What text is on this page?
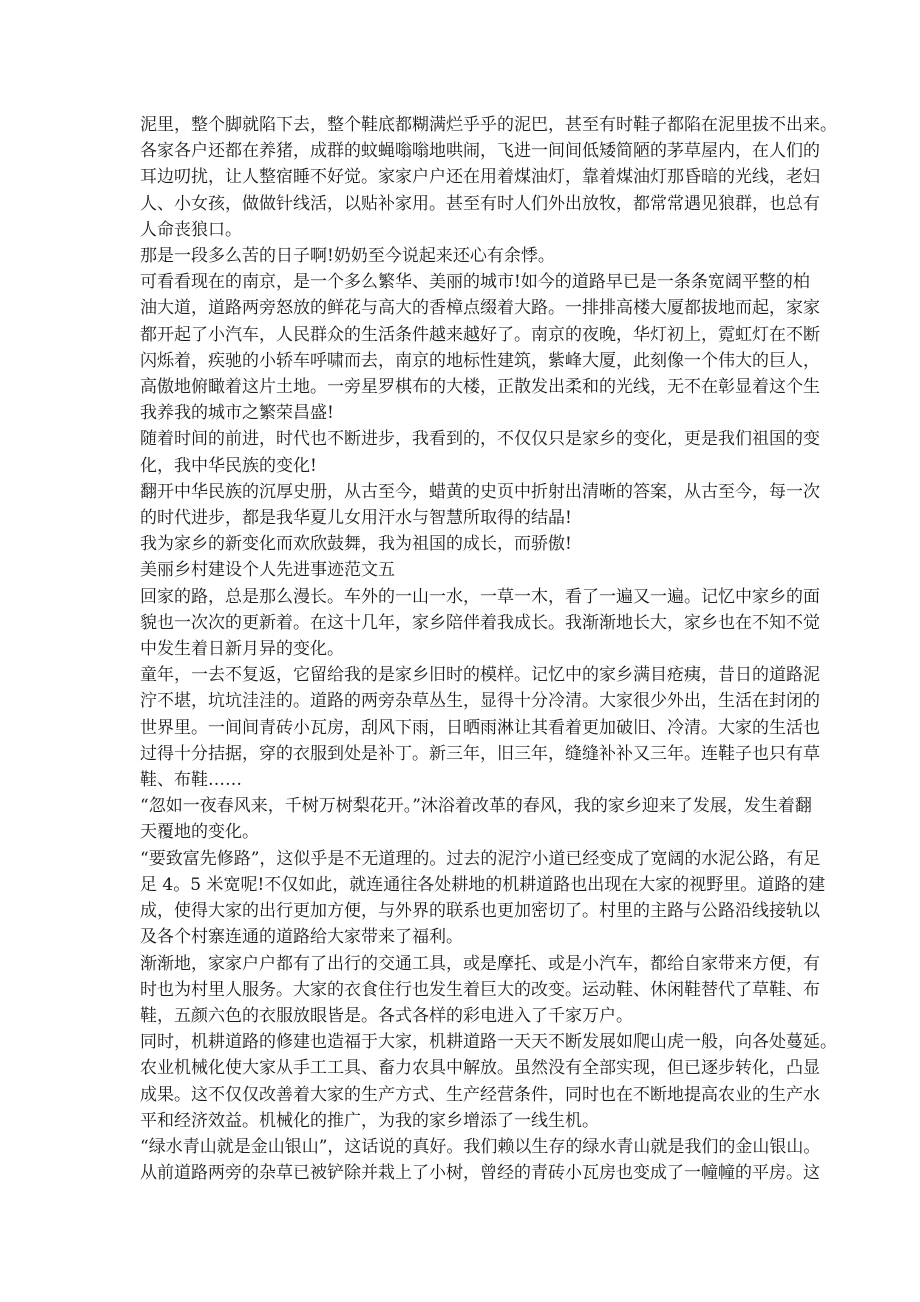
泥里，整个脚就陷下去，整个鞋底都糊满烂乎乎的泥巴，甚至有时鞋子都陷在泥里拔不出来。
各家各户还都在养猪，成群的蚊蝇嗡嗡地哄闹，飞进一间间低矮简陋的茅草屋内，在人们的
耳边叨扰，让人整宿睡不好觉。家家户户还在用着煤油灯，靠着煤油灯那昏暗的光线，老妇
人、小女孩，做做针线活，以贴补家用。甚至有时人们外出放牧，都常常遇见狼群，也总有
人命丧狼口。
那是一段多么苦的日子啊!奶奶至今说起来还心有余悸。
可看看现在的南京，是一个多么繁华、美丽的城市!如今的道路早已是一条条宽阔平整的柏
油大道，道路两旁怒放的鲜花与高大的香樟点缀着大路。一排排高楼大厦都拔地而起，家家
都开起了小汽车，人民群众的生活条件越来越好了。南京的夜晚，华灯初上，霓虹灯在不断
闪烁着，疾驰的小轿车呼啸而去，南京的地标性建筑，紫峰大厦，此刻像一个伟大的巨人，
高傲地俯瞰着这片土地。一旁星罗棋布的大楼，正散发出柔和的光线，无不在彰显着这个生
我养我的城市之繁荣昌盛!
随着时间的前进，时代也不断进步，我看到的，不仅仅只是家乡的变化，更是我们祖国的变
化，我中华民族的变化!
翻开中华民族的沉厚史册，从古至今，蜡黄的史页中折射出清晰的答案，从古至今，每一次
的时代进步，都是我华夏儿女用汗水与智慧所取得的结晶!
我为家乡的新变化而欢欣鼓舞，我为祖国的成长，而骄傲!
美丽乡村建设个人先进事迹范文五
回家的路，总是那么漫长。车外的一山一水，一草一木，看了一遍又一遍。记忆中家乡的面
貌也一次次的更新着。在这十几年，家乡陪伴着我成长。我渐渐地长大，家乡也在不知不觉
中发生着日新月异的变化。
童年，一去不复返，它留给我的是家乡旧时的模样。记忆中的家乡满目疮痍，昔日的道路泥
泞不堪，坑坑洼洼的。道路的两旁杂草丛生，显得十分冷清。大家很少外出，生活在封闭的
世界里。一间间青砖小瓦房，刮风下雨，日晒雨淋让其看着更加破旧、冷清。大家的生活也
过得十分拮据，穿的衣服到处是补丁。新三年，旧三年，缝缝补补又三年。连鞋子也只有草
鞋、布鞋……
“忽如一夜春风来，千树万树梨花开。”沐浴着改革的春风，我的家乡迎来了发展，发生着翻
天覆地的变化。
“要致富先修路”，这似乎是不无道理的。过去的泥泞小道已经变成了宽阔的水泥公路，有足
足 4。5 米宽呢!不仅如此，就连通往各处耕地的机耕道路也出现在大家的视野里。道路的建
成，使得大家的出行更加方便，与外界的联系也更加密切了。村里的主路与公路沿线接轨以
及各个村寨连通的道路给大家带来了福利。
渐渐地，家家户户都有了出行的交通工具，或是摩托、或是小汽车，都给自家带来方便，有
时也为村里人服务。大家的衣食住行也发生着巨大的改变。运动鞋、休闲鞋替代了草鞋、布
鞋，五颜六色的衣服放眼皆是。各式各样的彩电进入了千家万户。
同时，机耕道路的修建也造福于大家，机耕道路一天天不断发展如爬山虎一般，向各处蔓延。
农业机械化使大家从手工工具、畜力农具中解放。虽然没有全部实现，但已逐步转化，凸显
成果。这不仅仅改善着大家的生产方式、生产经营条件，同时也在不断地提高农业的生产水
平和经济效益。机械化的推广，为我的家乡增添了一线生机。
“绿水青山就是金山银山”，这话说的真好。我们赖以生存的绿水青山就是我们的金山银山。
从前道路两旁的杂草已被铲除并栽上了小树，曾经的青砖小瓦房也变成了一幢幢的平房。这
